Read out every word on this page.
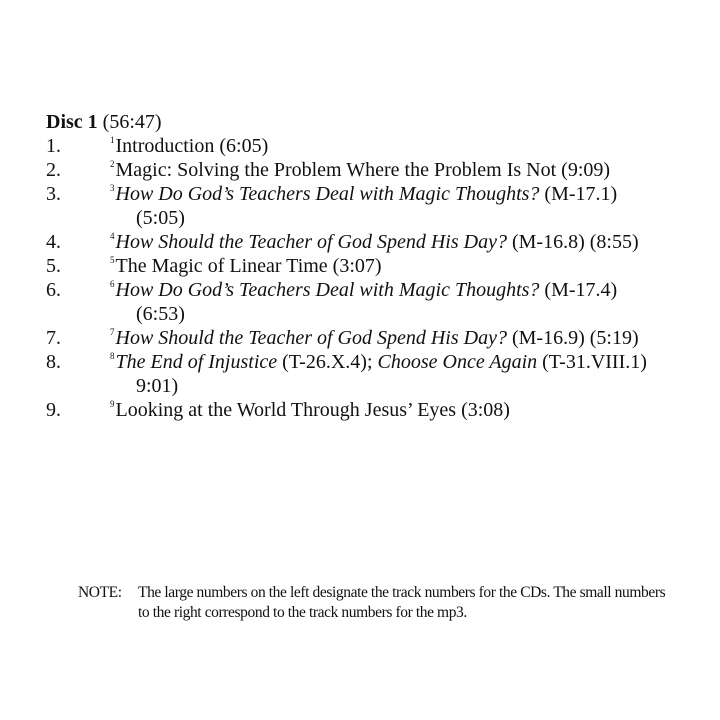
Disc 1 (56:47)
1.	$^1$Introduction (6:05)
2.	$^2$Magic: Solving the Problem Where the Problem Is Not (9:09)
3.	$^3$How Do God’s Teachers Deal with Magic Thoughts? (M-17.1)
(5:05)
4.	$^4$How Should the Teacher of God Spend His Day? (M-16.8) (8:55)
5.	$^5$The Magic of Linear Time (3:07)
6.	$^6$How Do God’s Teachers Deal with Magic Thoughts? (M-17.4)
(6:53)
7.	$^7$How Should the Teacher of God Spend His Day? (M-16.9) (5:19)
8.	$^8$The End of Injustice (T-26.X.4); Choose Once Again (T-31.VIII.1)
9:01)
9.	$^9$Looking at the World Through Jesus’ Eyes (3:08)
NOTE:	The large numbers on the left designate the track numbers for the CDs. The small numbers to the right correspond to the track numbers for the mp3.
